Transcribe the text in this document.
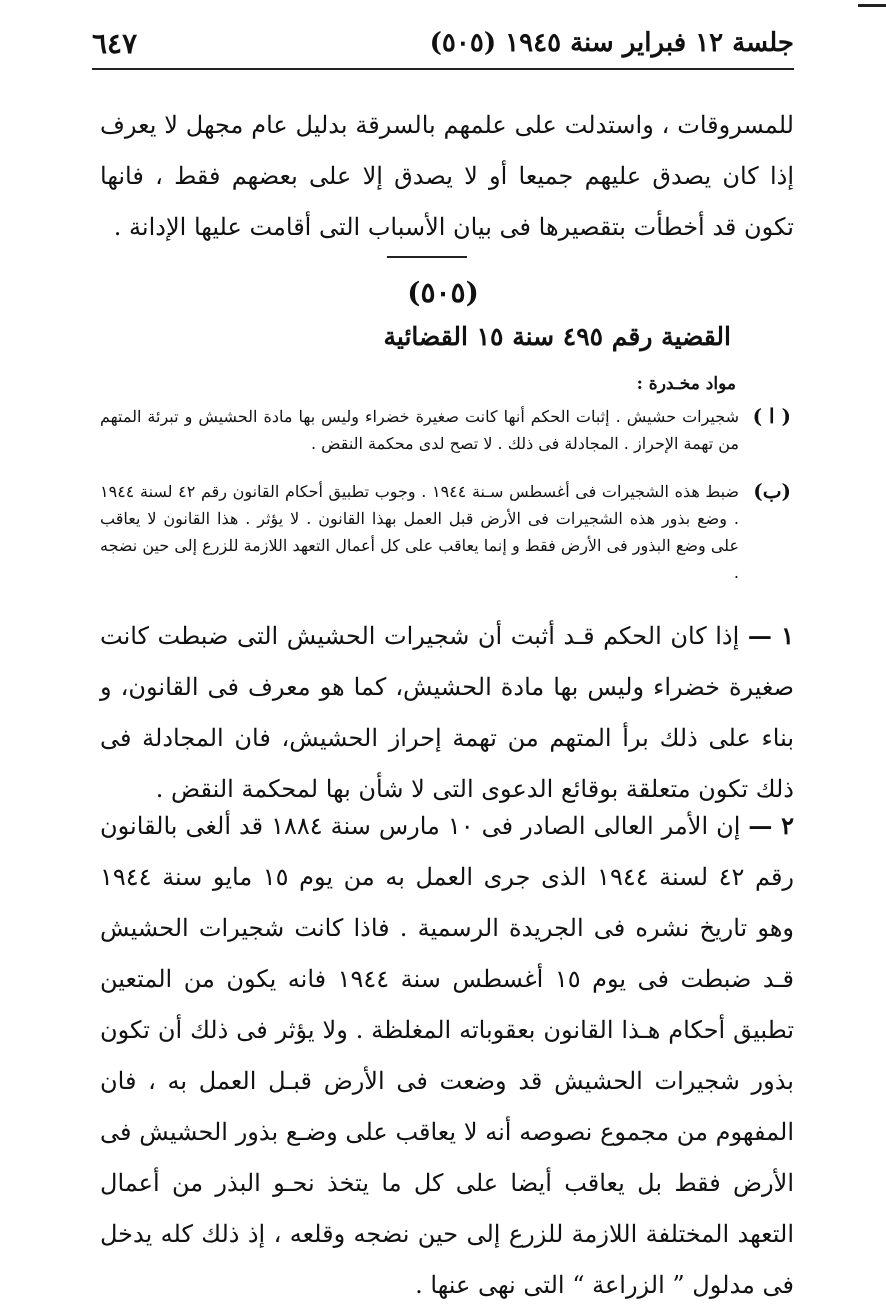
جلسة ١٢ فبراير سنة ١٩٤٥ (٥٠٥)
٦٤٧

للمسروقات ، واستدلت على علمهم بالسرقة بدليل عام مجهل لا يعرف إذا كان يصدق عليهم جميعا أو لا يصدق إلا على بعضهم فقط ، فانها تكون قد أخطأت بتقصيرها فى بيان الأسباب التى أقامت عليها الإدانة .

(٥٠٥)
القضية رقم ٤٩٥ سنة ١٥ القضائية
مواد مخـدرة :
( ا )
شجيرات حشيش . إثبات الحكم أنها كانت صغيرة خضراء وليس بها مادة الحشيش و تبرئة المتهم من تهمة الإحراز . المجادلة فى ذلك . لا تصح لدى محكمة النقض .
(ب)
ضبط هذه الشجيرات فى أغسطس سـنة ١٩٤٤ . وجوب تطبيق أحكام القانون رقم ٤٢ لسنة ١٩٤٤ . وضع بذور هذه الشجيرات فى الأرض قبل العمل بهذا القانون . لا يؤثر . هذا القانون لا يعاقب على وضع البذور فى الأرض فقط و إنما يعاقب على كل أعمال التعهد اللازمة للزرع إلى حين نضجه .
١ — إذا كان الحكم قـد أثبت أن شجيرات الحشيش التى ضبطت كانت صغيرة خضراء وليس بها مادة الحشيش، كما هو معرف فى القانون، و بناء على ذلك برأ المتهم من تهمة إحراز الحشيش، فان المجادلة فى ذلك تكون متعلقة بوقائع الدعوى التى لا شأن بها لمحكمة النقض .
٢ — إن الأمر العالى الصادر فى ١٠ مارس سنة ١٨٨٤ قد ألغى بالقانون رقم ٤٢ لسنة ١٩٤٤ الذى جرى العمل به من يوم ١٥ مايو سنة ١٩٤٤ وهو تاريخ نشره فى الجريدة الرسمية . فاذا كانت شجيرات الحشيش قـد ضبطت فى يوم ١٥ أغسطس سنة ١٩٤٤ فانه يكون من المتعين تطبيق أحكام هـذا القانون بعقوباته المغلظة . ولا يؤثر فى ذلك أن تكون بذور شجيرات الحشيش قد وضعت فى الأرض قبـل العمل به ، فان المفهوم من مجموع نصوصه أنه لا يعاقب على وضـع بذور الحشيش فى الأرض فقط بل يعاقب أيضا على كل ما يتخذ نحـو البذر من أعمال التعهد المختلفة اللازمة للزرع إلى حين نضجه وقلعه ، إذ ذلك كله يدخل فى مدلول ” الزراعة “ التى نهى عنها .
